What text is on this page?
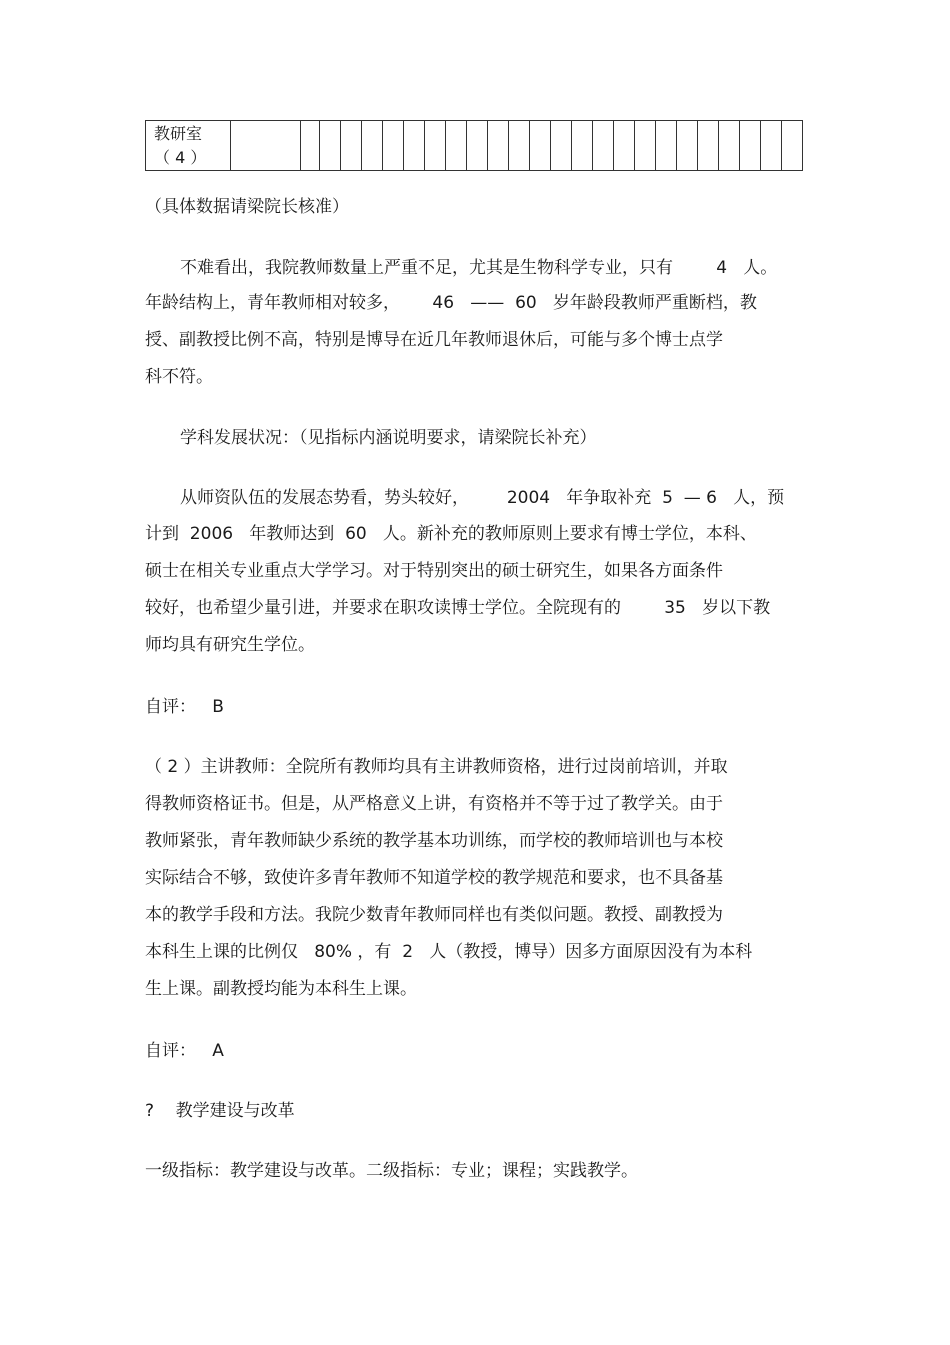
教研室
（ 4 ）

（具体数据请梁院长核准）
不难看出，我院教师数量上严重不足，尤其是生物科学专业，只有        4   人。
年龄结构上，青年教师相对较多，      46   ——  60   岁年龄段教师严重断档，教
授、副教授比例不高，特别是博导在近几年教师退休后，可能与多个博士点学
科不符。
学科发展状况：（见指标内涵说明要求，请梁院长补充）
从师资队伍的发展态势看，势头较好，       2004   年争取补充  5  — 6   人，预
计到  2006   年教师达到  60   人。新补充的教师原则上要求有博士学位，本科、
硕士在相关专业重点大学学习。对于特别突出的硕士研究生，如果各方面条件
较好，也希望少量引进，并要求在职攻读博士学位。全院现有的        35   岁以下教
师均具有研究生学位。
自评：   B
（ 2 ）主讲教师：全院所有教师均具有主讲教师资格，进行过岗前培训，并取
得教师资格证书。但是，从严格意义上讲，有资格并不等于过了教学关。由于
教师紧张，青年教师缺少系统的教学基本功训练，而学校的教师培训也与本校
实际结合不够，致使许多青年教师不知道学校的教学规范和要求，也不具备基
本的教学手段和方法。我院少数青年教师同样也有类似问题。教授、副教授为
本科生上课的比例仅   80% ，有  2   人（教授，博导）因多方面原因没有为本科
生上课。副教授均能为本科生上课。
自评：   A
?    教学建设与改革
一级指标：教学建设与改革。二级指标：专业；课程；实践教学。
